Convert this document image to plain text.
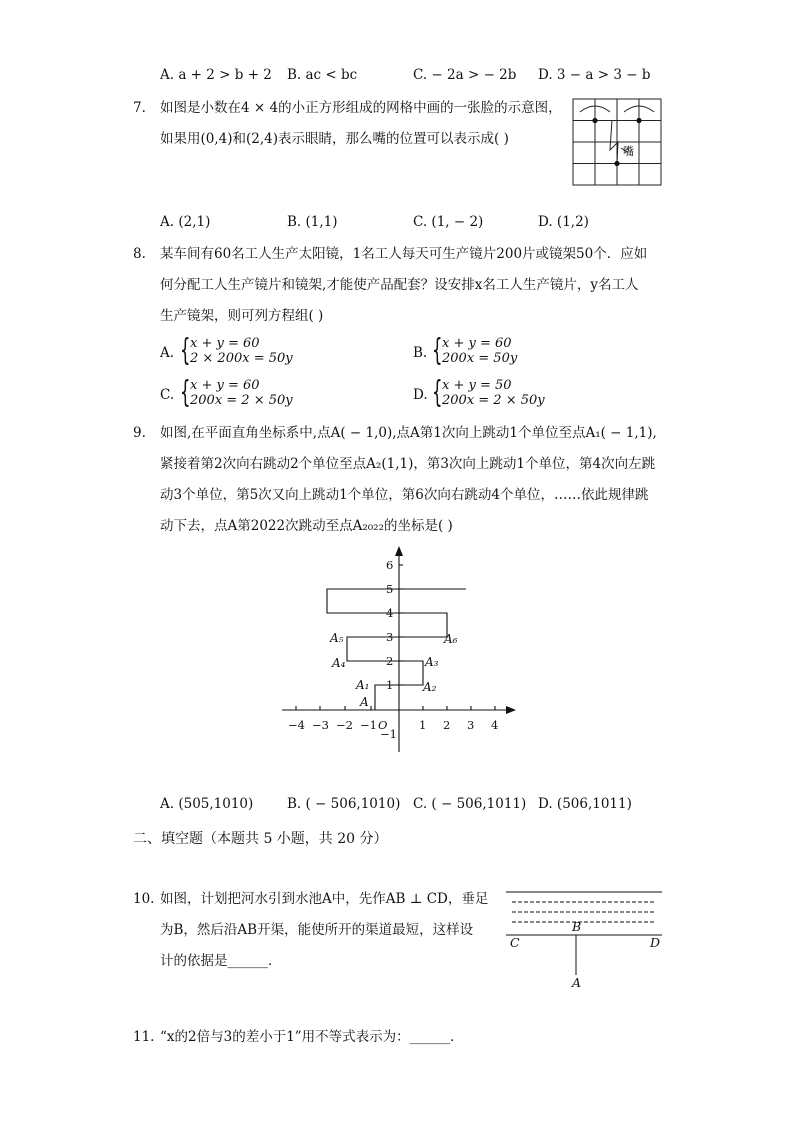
A. a + 2 > b + 2 B. ac < bc	C. − 2a > − 2b D. 3 − a > 3 − b
7. 如图是小数在4 × 4的小正方形组成的网格中画的一张脸的示意图，
如果用(0,4)和(2,4)表示眼睛，那么嘴的位置可以表示成( )
嘴
A. (2,1)	B. (1,1)	C. (1, − 2)	D. (1,2)
8. 某车间有60名工人生产太阳镜，1名工人每天可生产镜片200片或镜架50个．应如
何分配工人生产镜片和镜架,才能使产品配套？设安排x名工人生产镜片，y名工人
生产镜架，则可列方程组( )
A. { x + y = 60
2 × 200x = 50y	B. { x + y = 60
200x = 50y
C. { x + y = 60
200x = 2 × 50y	D. { x + y = 50
200x = 2 × 50y
9. 如图,在平面直角坐标系中,点A( − 1,0),点A第1次向上跳动1个单位至点A₁( − 1,1),
紧接着第2次向右跳动2个单位至点A₂(1,1)，第3次向上跳动1个单位，第4次向左跳
动3个单位，第5次又向上跳动1个单位，第6次向右跳动4个单位，……依此规律跳
动下去，点A第2022次跳动至点A₂₀₂₂的坐标是( )
−4 −3 −2 −1 O	1 2 3 4
1
2
3
4
5
6
−1
A
A₁	A₂
A₃
A₄
A₅	A₆
A. (505,1010) B. ( − 506,1010) C. ( − 506,1011) D. (506,1011)
二、填空题（本题共 5 小题，共 20 分）
10. 如图，计划把河水引到水池A中，先作AB ⊥ CD，垂足
为B，然后沿AB开渠，能使所开的渠道最短，这样设
计的依据是______．
B
C	D
A
11. “x的2倍与3的差小于1”用不等式表示为：______．
